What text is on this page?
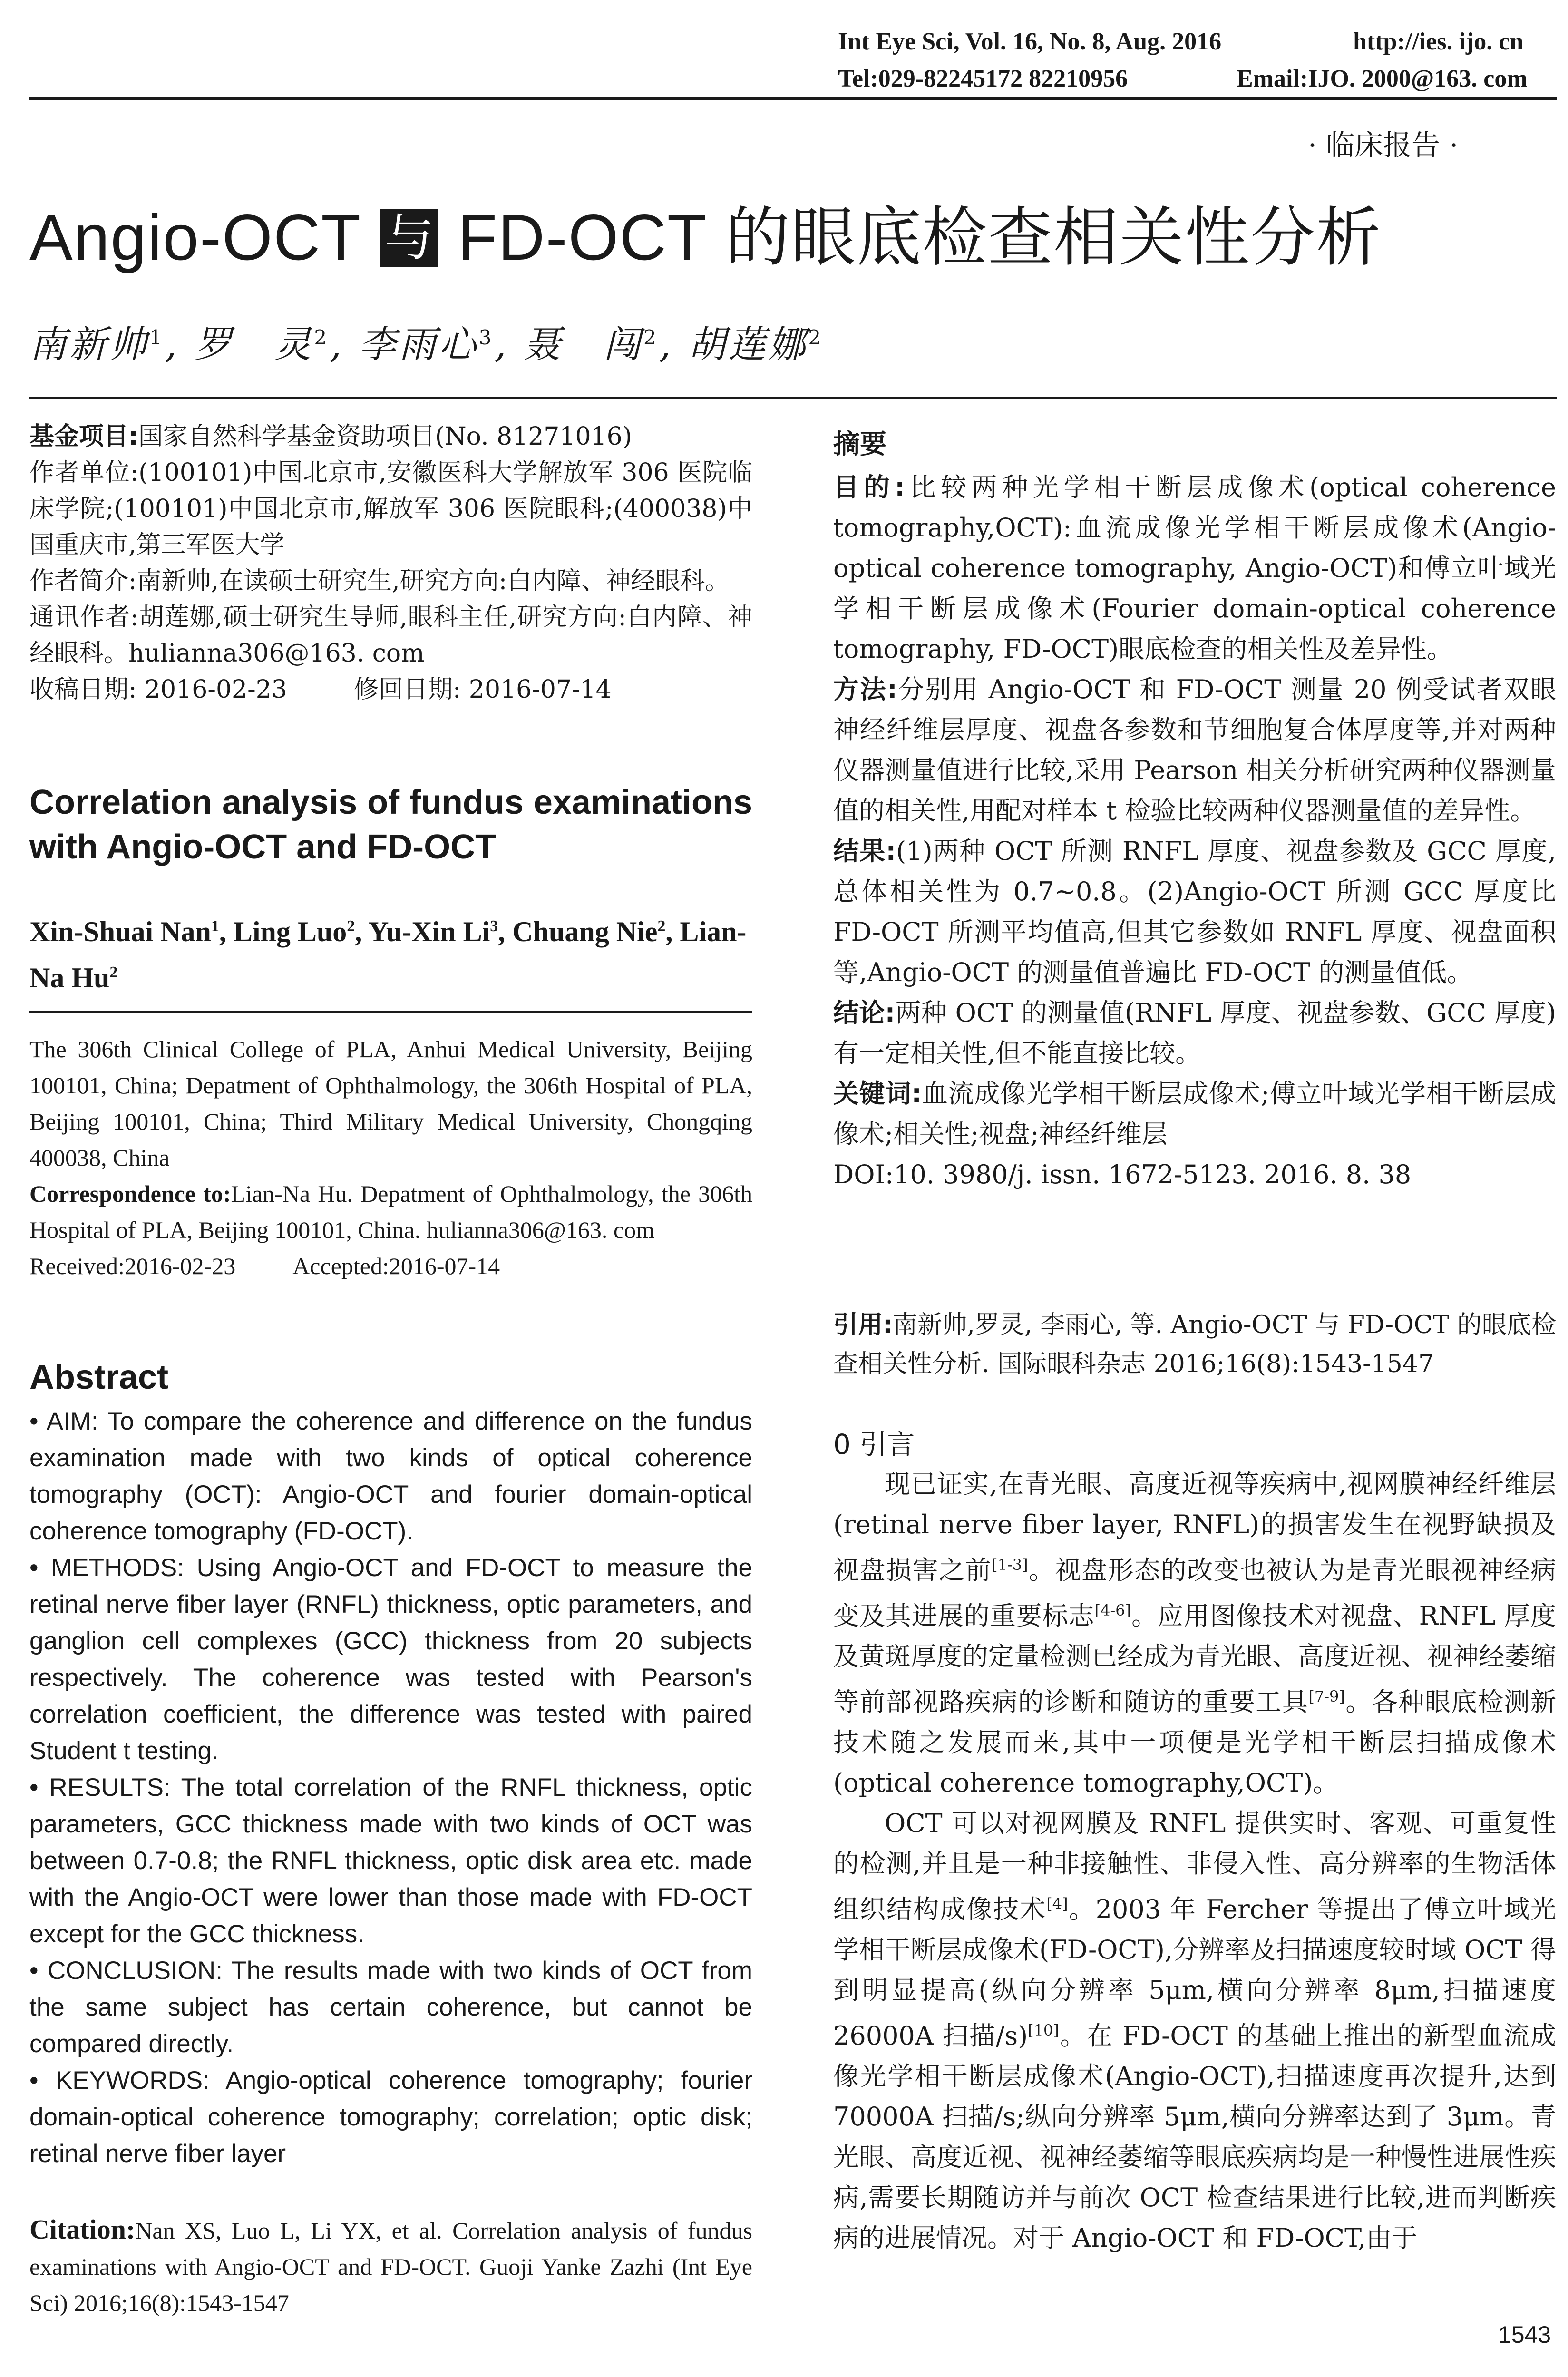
Int Eye Sci, Vol. 16, No. 8, Aug. 2016	http://ies. ijo. cn
Tel:029-82245172 82210956	Email:IJO. 2000@163. com
· 临床报告 ·
Angio-OCT 与 FD-OCT 的眼底检查相关性分析
南新帅$^1$, 罗　灵$^2$, 李雨心$^3$, 聂　闯$^2$, 胡莲娜$^2$
基金项目:国家自然科学基金资助项目(No. 81271016)
作者单位:(100101)中国北京市,安徽医科大学解放军 306 医院临床学院;(100101)中国北京市,解放军 306 医院眼科;(400038)中国重庆市,第三军医大学
作者简介:南新帅,在读硕士研究生,研究方向:白内障、神经眼科。
通讯作者:胡莲娜,硕士研究生导师,眼科主任,研究方向:白内障、神经眼科。hulianna306@163. com
收稿日期: 2016-02-23	修回日期: 2016-07-14
Correlation analysis of fundus examinations with Angio-OCT and FD-OCT
Xin-Shuai Nan$^1$, Ling Luo$^2$, Yu-Xin Li$^3$, Chuang Nie$^2$, Lian-Na Hu$^2$
The 306th Clinical College of PLA, Anhui Medical University, Beijing 100101, China; Depatment of Ophthalmology, the 306th Hospital of PLA, Beijing 100101, China; Third Military Medical University, Chongqing 400038, China
Correspondence to:Lian-Na Hu. Depatment of Ophthalmology, the 306th Hospital of PLA, Beijing 100101, China. hulianna306@163. com
Received:2016-02-23 Accepted:2016-07-14
Abstract

• AIM: To compare the coherence and difference on the fundus examination made with two kinds of optical coherence tomography (OCT): Angio-OCT and fourier domain-optical coherence tomography (FD-OCT).

• METHODS: Using Angio-OCT and FD-OCT to measure the retinal nerve fiber layer (RNFL) thickness, optic parameters, and ganglion cell complexes (GCC) thickness from 20 subjects respectively. The coherence was tested with Pearson's correlation coefficient, the difference was tested with paired Student t testing.

• RESULTS: The total correlation of the RNFL thickness, optic parameters, GCC thickness made with two kinds of OCT was between 0.7-0.8; the RNFL thickness, optic disk area etc. made with the Angio-OCT were lower than those made with FD-OCT except for the GCC thickness.

• CONCLUSION: The results made with two kinds of OCT from the same subject has certain coherence, but cannot be compared directly.

• KEYWORDS: Angio-optical coherence tomography; fourier domain-optical coherence tomography; correlation; optic disk; retinal nerve fiber layer

Citation:Nan XS, Luo L, Li YX, et al. Correlation analysis of fundus examinations with Angio-OCT and FD-OCT. Guoji Yanke Zazhi (Int Eye Sci) 2016;16(8):1543-1547
摘要
目的:比较两种光学相干断层成像术(optical coherence tomography,OCT):血流成像光学相干断层成像术(Angio-optical coherence tomography, Angio-OCT)和傅立叶域光学相干断层成像术(Fourier domain-optical coherence tomography, FD-OCT)眼底检查的相关性及差异性。
方法:分别用 Angio-OCT 和 FD-OCT 测量 20 例受试者双眼神经纤维层厚度、视盘各参数和节细胞复合体厚度等,并对两种仪器测量值进行比较,采用 Pearson 相关分析研究两种仪器测量值的相关性,用配对样本 t 检验比较两种仪器测量值的差异性。
结果:(1)两种 OCT 所测 RNFL 厚度、视盘参数及 GCC 厚度,总体相关性为 0.7~0.8。(2)Angio-OCT 所测 GCC 厚度比 FD-OCT 所测平均值高,但其它参数如 RNFL 厚度、视盘面积等,Angio-OCT 的测量值普遍比 FD-OCT 的测量值低。
结论:两种 OCT 的测量值(RNFL 厚度、视盘参数、GCC 厚度)有一定相关性,但不能直接比较。
关键词:血流成像光学相干断层成像术;傅立叶域光学相干断层成像术;相关性;视盘;神经纤维层
DOI:10. 3980/j. issn. 1672-5123. 2016. 8. 38
引用:南新帅,罗灵, 李雨心, 等. Angio-OCT 与 FD-OCT 的眼底检查相关性分析. 国际眼科杂志 2016;16(8):1543-1547
0 引言
现已证实,在青光眼、高度近视等疾病中,视网膜神经纤维层(retinal nerve fiber layer, RNFL)的损害发生在视野缺损及视盘损害之前[1-3]。视盘形态的改变也被认为是青光眼视神经病变及其进展的重要标志[4-6]。应用图像技术对视盘、RNFL 厚度及黄斑厚度的定量检测已经成为青光眼、高度近视、视神经萎缩等前部视路疾病的诊断和随访的重要工具[7-9]。各种眼底检测新技术随之发展而来,其中一项便是光学相干断层扫描成像术(optical coherence tomography,OCT)。
OCT 可以对视网膜及 RNFL 提供实时、客观、可重复性的检测,并且是一种非接触性、非侵入性、高分辨率的生物活体组织结构成像技术[4]。2003 年 Fercher 等提出了傅立叶域光学相干断层成像术(FD-OCT),分辨率及扫描速度较时域 OCT 得到明显提高(纵向分辨率 5μm,横向分辨率 8μm,扫描速度 26000A 扫描/s)[10]。在 FD-OCT 的基础上推出的新型血流成像光学相干断层成像术(Angio-OCT),扫描速度再次提升,达到 70000A 扫描/s;纵向分辨率 5μm,横向分辨率达到了 3μm。青光眼、高度近视、视神经萎缩等眼底疾病均是一种慢性进展性疾病,需要长期随访并与前次 OCT 检查结果进行比较,进而判断疾病的进展情况。对于 Angio-OCT 和 FD-OCT,由于
1543
